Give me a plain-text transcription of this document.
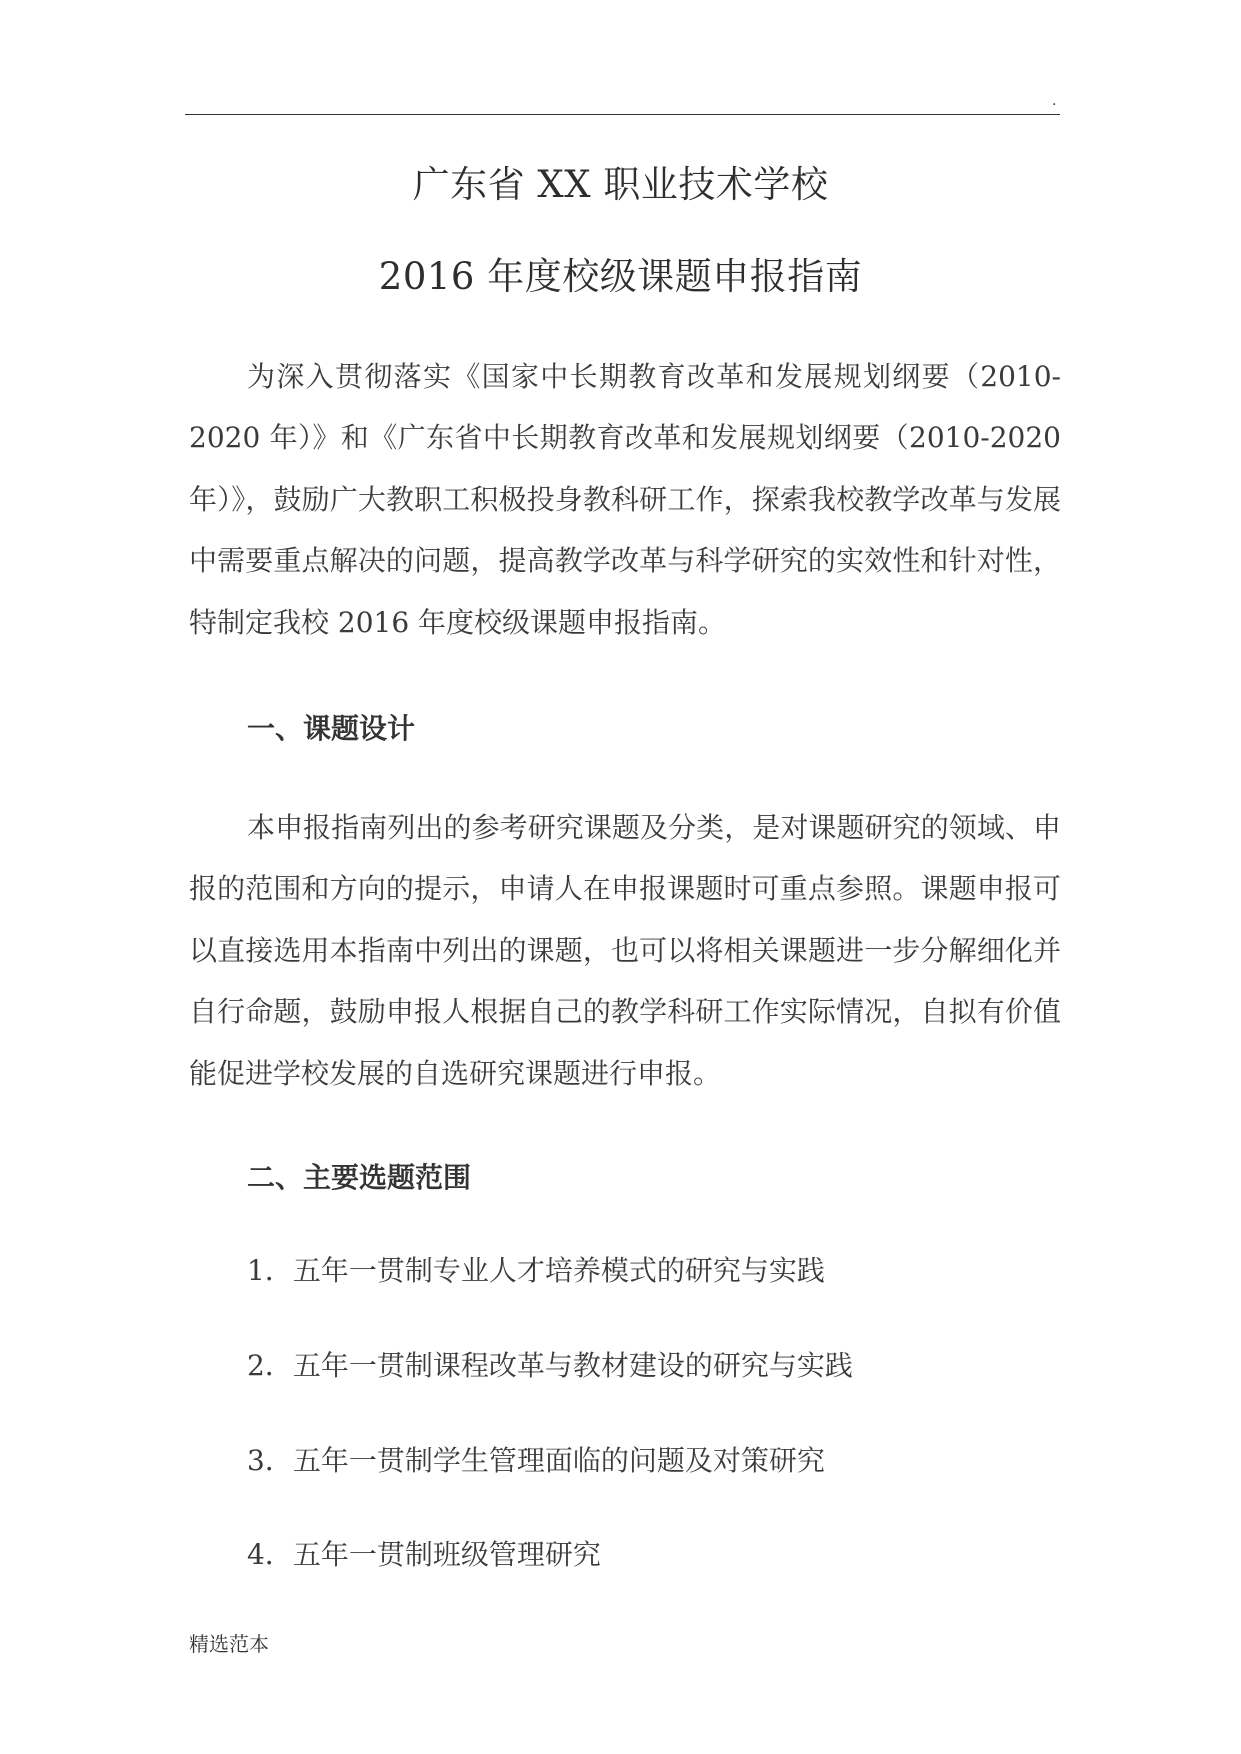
.
广东省 XX 职业技术学校
2016 年度校级课题申报指南

为深入贯彻落实《国家中长期教育改革和发展规划纲要（2010-2020 年）》和《广东省中长期教育改革和发展规划纲要（2010-2020 年）》，鼓励广大教职工积极投身教科研工作，探索我校教学改革与发展中需要重点解决的问题，提高教学改革与科学研究的实效性和针对性，特制定我校 2016 年度校级课题申报指南。

一、课题设计

本申报指南列出的参考研究课题及分类，是对课题研究的领域、申报的范围和方向的提示，申请人在申报课题时可重点参照。课题申报可以直接选用本指南中列出的课题，也可以将相关课题进一步分解细化并自行命题，鼓励申报人根据自己的教学科研工作实际情况，自拟有价值能促进学校发展的自选研究课题进行申报。

二、主要选题范围
1．五年一贯制专业人才培养模式的研究与实践
2．五年一贯制课程改革与教材建设的研究与实践
3．五年一贯制学生管理面临的问题及对策研究
4．五年一贯制班级管理研究
精选范本
